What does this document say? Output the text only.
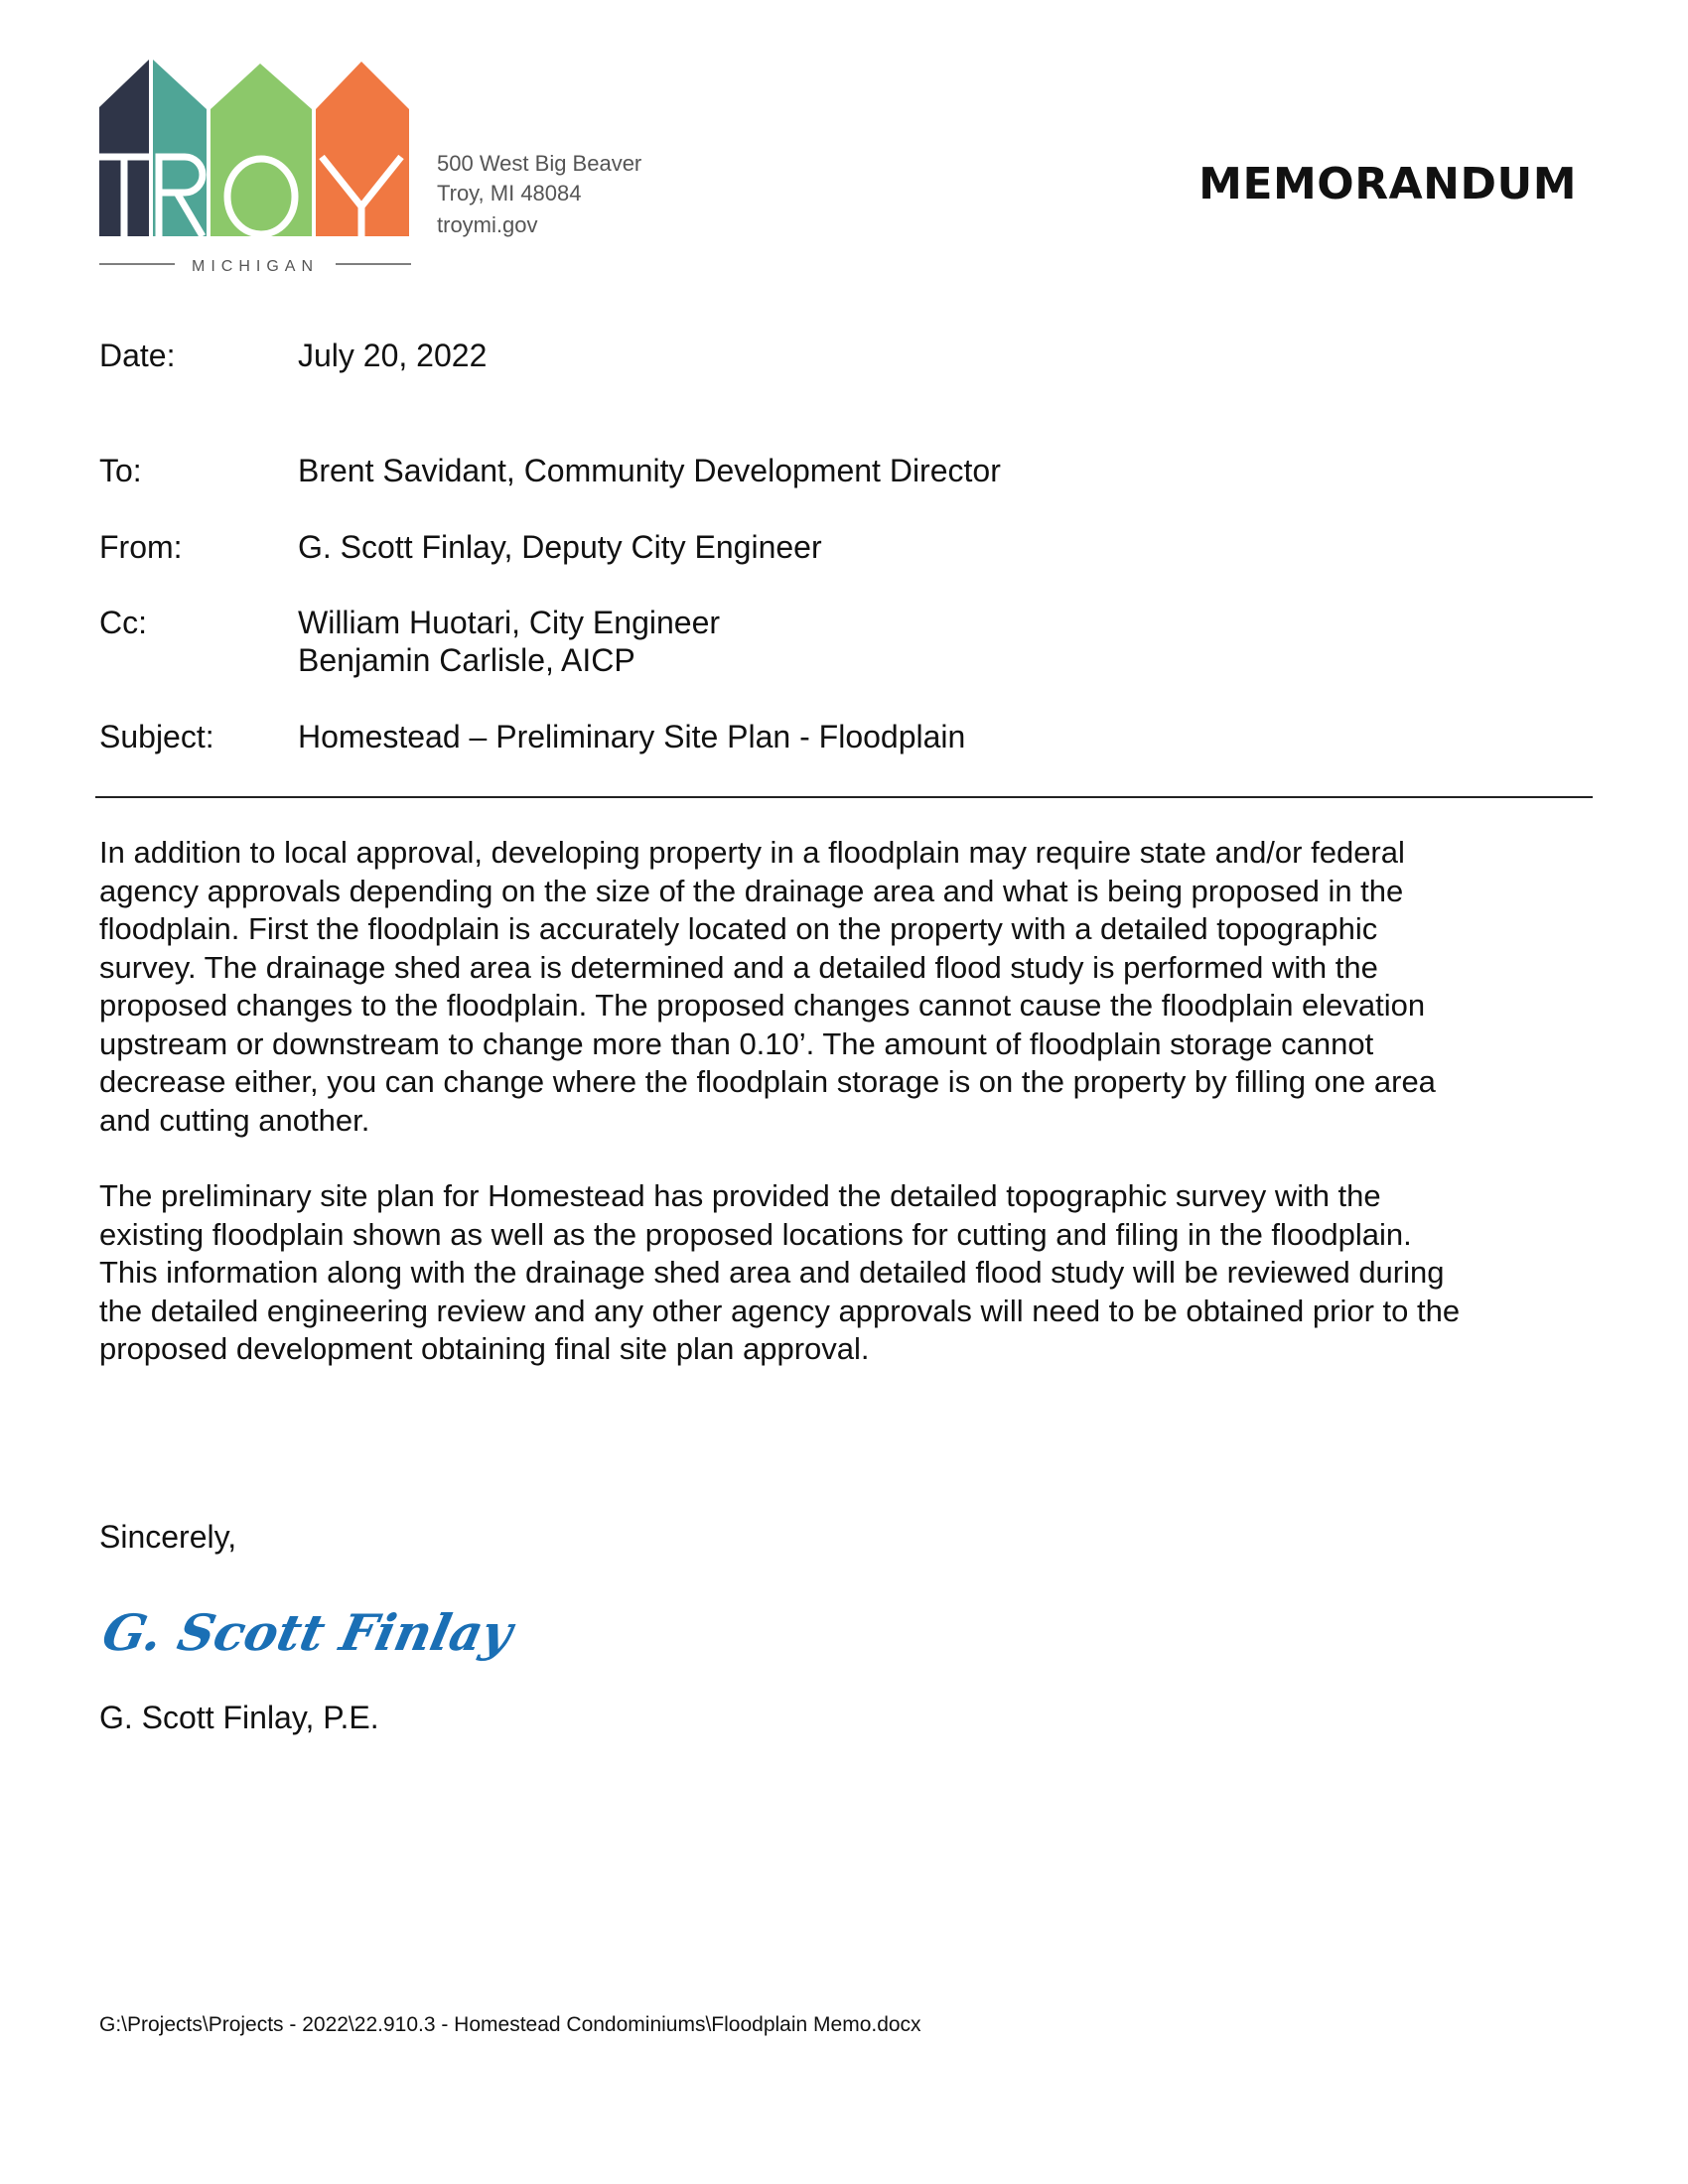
MICHIGAN
500 West Big Beaver
Troy, MI 48084
troymi.gov
MEMORANDUM
Date:	July 20, 2022
To:	Brent Savidant, Community Development Director
From:	G. Scott Finlay, Deputy City Engineer
Cc:	William Huotari, City Engineer
Benjamin Carlisle, AICP
Subject:	Homestead – Preliminary Site Plan - Floodplain
In addition to local approval, developing property in a floodplain may require state and/or federal
agency approvals depending on the size of the drainage area and what is being proposed in the
floodplain. First the floodplain is accurately located on the property with a detailed topographic
survey. The drainage shed area is determined and a detailed flood study is performed with the
proposed changes to the floodplain. The proposed changes cannot cause the floodplain elevation
upstream or downstream to change more than 0.10’. The amount of floodplain storage cannot
decrease either, you can change where the floodplain storage is on the property by filling one area
and cutting another.
The preliminary site plan for Homestead has provided the detailed topographic survey with the
existing floodplain shown as well as the proposed locations for cutting and filing in the floodplain.
This information along with the drainage shed area and detailed flood study will be reviewed during
the detailed engineering review and any other agency approvals will need to be obtained prior to the
proposed development obtaining final site plan approval.
Sincerely,
G. Scott Finlay
G. Scott Finlay, P.E.
G:\Projects\Projects - 2022\22.910.3 - Homestead Condominiums\Floodplain Memo.docx
